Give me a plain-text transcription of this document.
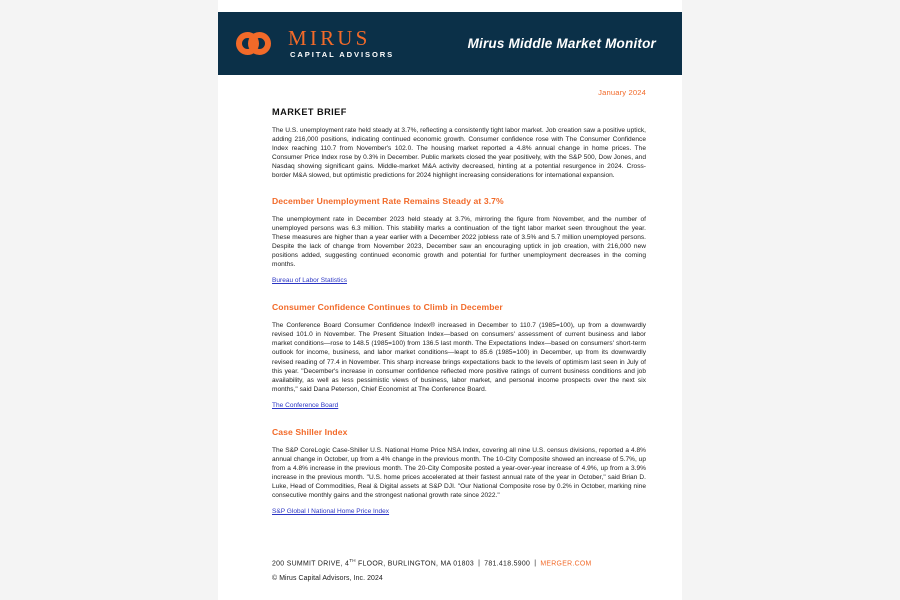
MIRUS
CAPITAL ADVISORS
Mirus Middle Market Monitor
January 2024
MARKET BRIEF

The U.S. unemployment rate held steady at 3.7%, reflecting a consistently tight labor market. Job creation saw a positive uptick, adding 216,000 positions, indicating continued economic growth. Consumer confidence rose with The Consumer Confidence Index reaching 110.7 from November's 102.0. The housing market reported a 4.8% annual change in home prices. The Consumer Price Index rose by 0.3% in December. Public markets closed the year positively, with the S&P 500, Dow Jones, and Nasdaq showing significant gains. Middle-market M&A activity decreased, hinting at a potential resurgence in 2024. Cross-border M&A slowed, but optimistic predictions for 2024 highlight increasing considerations for international expansion.

December Unemployment Rate Remains Steady at 3.7%

The unemployment rate in December 2023 held steady at 3.7%, mirroring the figure from November, and the number of unemployed persons was 6.3 million. This stability marks a continuation of the tight labor market seen throughout the year. These measures are higher than a year earlier with a December 2022 jobless rate of 3.5% and 5.7 million unemployed persons. Despite the lack of change from November 2023, December saw an encouraging uptick in job creation, with 216,000 new positions added, suggesting continued economic growth and potential for further unemployment decreases in the coming months.

Bureau of Labor Statistics
Consumer Confidence Continues to Climb in December

The Conference Board Consumer Confidence Index® increased in December to 110.7 (1985=100), up from a downwardly revised 101.0 in November. The Present Situation Index—based on consumers' assessment of current business and labor market conditions—rose to 148.5 (1985=100) from 136.5 last month. The Expectations Index—based on consumers' short-term outlook for income, business, and labor market conditions—leapt to 85.6 (1985=100) in December, up from its downwardly revised reading of 77.4 in November. This sharp increase brings expectations back to the levels of optimism last seen in July of this year. "December's increase in consumer confidence reflected more positive ratings of current business conditions and job availability, as well as less pessimistic views of business, labor market, and personal income prospects over the next six months," said Dana Peterson, Chief Economist at The Conference Board.

The Conference Board
Case Shiller Index

The S&P CoreLogic Case-Shiller U.S. National Home Price NSA Index, covering all nine U.S. census divisions, reported a 4.8% annual change in October, up from a 4% change in the previous month. The 10-City Composite showed an increase of 5.7%, up from a 4.8% increase in the previous month. The 20-City Composite posted a year-over-year increase of 4.9%, up from a 3.9% increase in the previous month. "U.S. home prices accelerated at their fastest annual rate of the year in October," said Brian D. Luke, Head of Commodities, Real & Digital assets at S&P DJI. "Our National Composite rose by 0.2% in October, marking nine consecutive monthly gains and the strongest national growth rate since 2022."

S&P Global I National Home Price Index
200 SUMMIT DRIVE, 4TH FLOOR, BURLINGTON, MA 01803 | 781.418.5900 | MERGER.COM
© Mirus Capital Advisors, Inc. 2024
